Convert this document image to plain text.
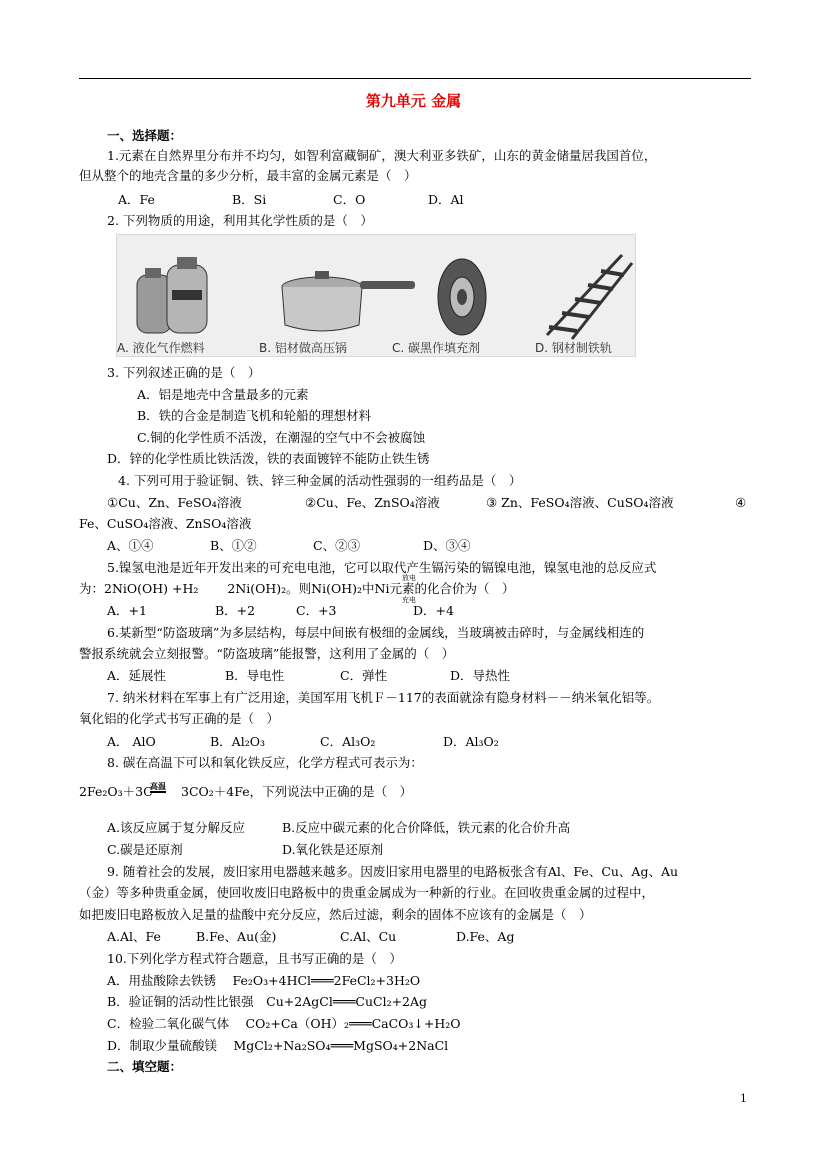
第九单元 金属
一、选择题：
1.元素在自然界里分布并不均匀，如智利富藏铜矿，澳大利亚多铁矿，山东的黄金储量居我国首位，
但从整个的地壳含量的多少分析，最丰富的金属元素是（　）
A．Fe	B．Si	C．O	D．Al
2. 下列物质的用途，利用其化学性质的是（　）
A. 液化气作燃料	B. 铝材做高压锅	C. 碳黑作填充剂	D. 钢材制铁轨
3. 下列叙述正确的是（　）
A．铝是地壳中含量最多的元素
B．铁的合金是制造飞机和轮船的理想材料
C.铜的化学性质不活泼，在潮湿的空气中不会被腐蚀
D．锌的化学性质比铁活泼，铁的表面镀锌不能防止铁生锈
4. 下列可用于验证铜、铁、锌三种金属的活动性强弱的一组药品是（　）
①Cu、Zn、FeSO₄溶液	②Cu、Fe、ZnSO₄溶液	③ Zn、FeSO₄溶液、CuSO₄溶液	④
Fe、CuSO₄溶液、ZnSO₄溶液
A、①④	B、①②	C、②③	D、③④
5.镍氢电池是近年开发出来的可充电电池，它可以取代产生镉污染的镉镍电池，镍氢电池的总反应式
为：2NiO(OH) +H₂　　 2Ni(OH)₂。则Ni(OH)₂中Ni元素的化合价为（　）
放电
充电
A．+1	B．+2	C．+3	D．+4
6.某新型“防盗玻璃”为多层结构，每层中间嵌有极细的金属线，当玻璃被击碎时，与金属线相连的
警报系统就会立刻报警。“防盗玻璃”能报警，这利用了金属的（　）
A．延展性	B．导电性	C．弹性	D．导热性
7. 纳米材料在军事上有广泛用途，美国军用飞机Ｆ－117的表面就涂有隐身材料－－纳米氧化铝等。
氧化铝的化学式书写正确的是（　）
A． AlO	B．Al₂O₃	C．Al₃O₂	D．Al₃O₂
8. 碳在高温下可以和氧化铁反应，化学方程式可表示为：
2Fe₂O₃＋3C
高温 3CO₂＋4Fe，下列说法中正确的是（　）
A.该反应属于复分解反应	B.反应中碳元素的化合价降低，铁元素的化合价升高
C.碳是还原剂	D.氧化铁是还原剂
9. 随着社会的发展，废旧家用电器越来越多。因废旧家用电器里的电路板张含有Al、Fe、Cu、Ag、Au
（金）等多种贵重金属，使回收废旧电路板中的贵重金属成为一种新的行业。在回收贵重金属的过程中，
如把废旧电路板放入足量的盐酸中充分反应，然后过滤，剩余的固体不应该有的金属是（　）
A.Al、Fe	B.Fe、Au(金)	C.Al、Cu	D.Fe、Ag
10.下列化学方程式符合题意，且书写正确的是（　）
A．用盐酸除去铁锈　 Fe₂O₃+4HCl═══2FeCl₂+3H₂O
B．验证铜的活动性比银强　Cu+2AgCl═══CuCl₂+2Ag
C．检验二氧化碳气体　 CO₂+Ca（OH）₂═══CaCO₃↓+H₂O
D．制取少量硫酸镁　 MgCl₂+Na₂SO₄═══MgSO₄+2NaCl
二、填空题：
1
